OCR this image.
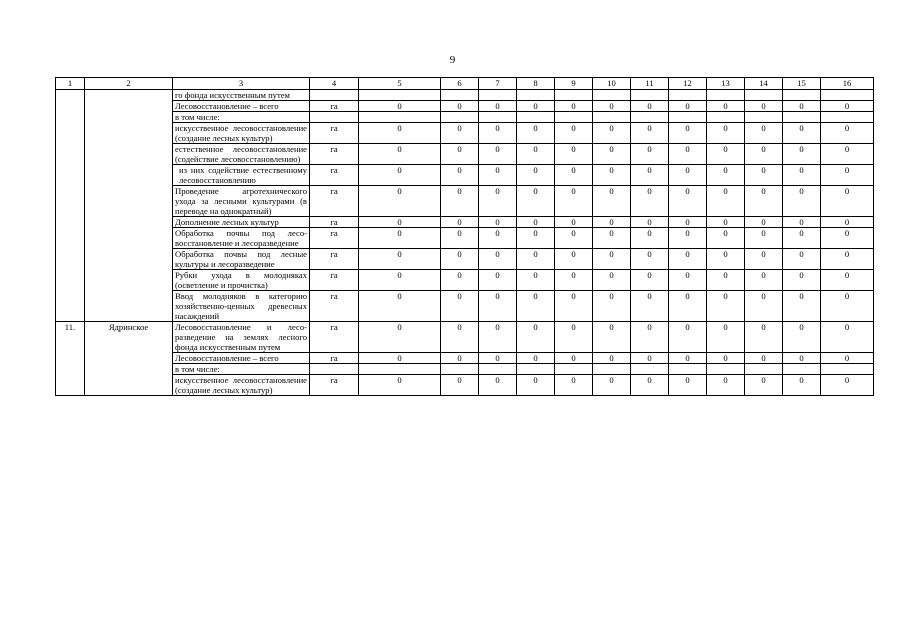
9
1	2	3	4	5	6	7	8	9	10	11	12	13	14	15	16
		го фонда искусственным путем													
		Лесовосстановление – всего	га	0	0	0	0	0	0	0	0	0	0	0	0
		в том числе:													
		искусственное лесовосстановление (создание лесных культур)	га	0	0	0	0	0	0	0	0	0	0	0	0
		естественное лесовосстановление (содействие лесовосстановлению)	га	0	0	0	0	0	0	0	0	0	0	0	0
		из них содействие естественному лесовосстановлению	га	0	0	0	0	0	0	0	0	0	0	0	0
		Проведение агротехнического ухода за лесными культурами (в переводе на однократный)	га	0	0	0	0	0	0	0	0	0	0	0	0
		Дополнение лесных культур	га	0	0	0	0	0	0	0	0	0	0	0	0
		Обработка почвы под лесовосстановление и лесоразведение	га	0	0	0	0	0	0	0	0	0	0	0	0
		Обработка почвы под лесные культуры и лесоразведение	га	0	0	0	0	0	0	0	0	0	0	0	0
		Рубки ухода в молодняках (осветление и прочистка)	га	0	0	0	0	0	0	0	0	0	0	0	0
		Ввод молодняков в категорию хозяйственно-ценных древесных насаждений	га	0	0	0	0	0	0	0	0	0	0	0	0
11.	Ядринское	Лесовосстановление и лесоразведение на землях лесного фонда искусственным путем	га	0	0	0	0	0	0	0	0	0	0	0	0
		Лесовосстановление – всего	га	0	0	0	0	0	0	0	0	0	0	0	0
		в том числе:													
		искусственное лесовосстановление (создание лесных культур)	га	0	0	0	0	0	0	0	0	0	0	0	0
